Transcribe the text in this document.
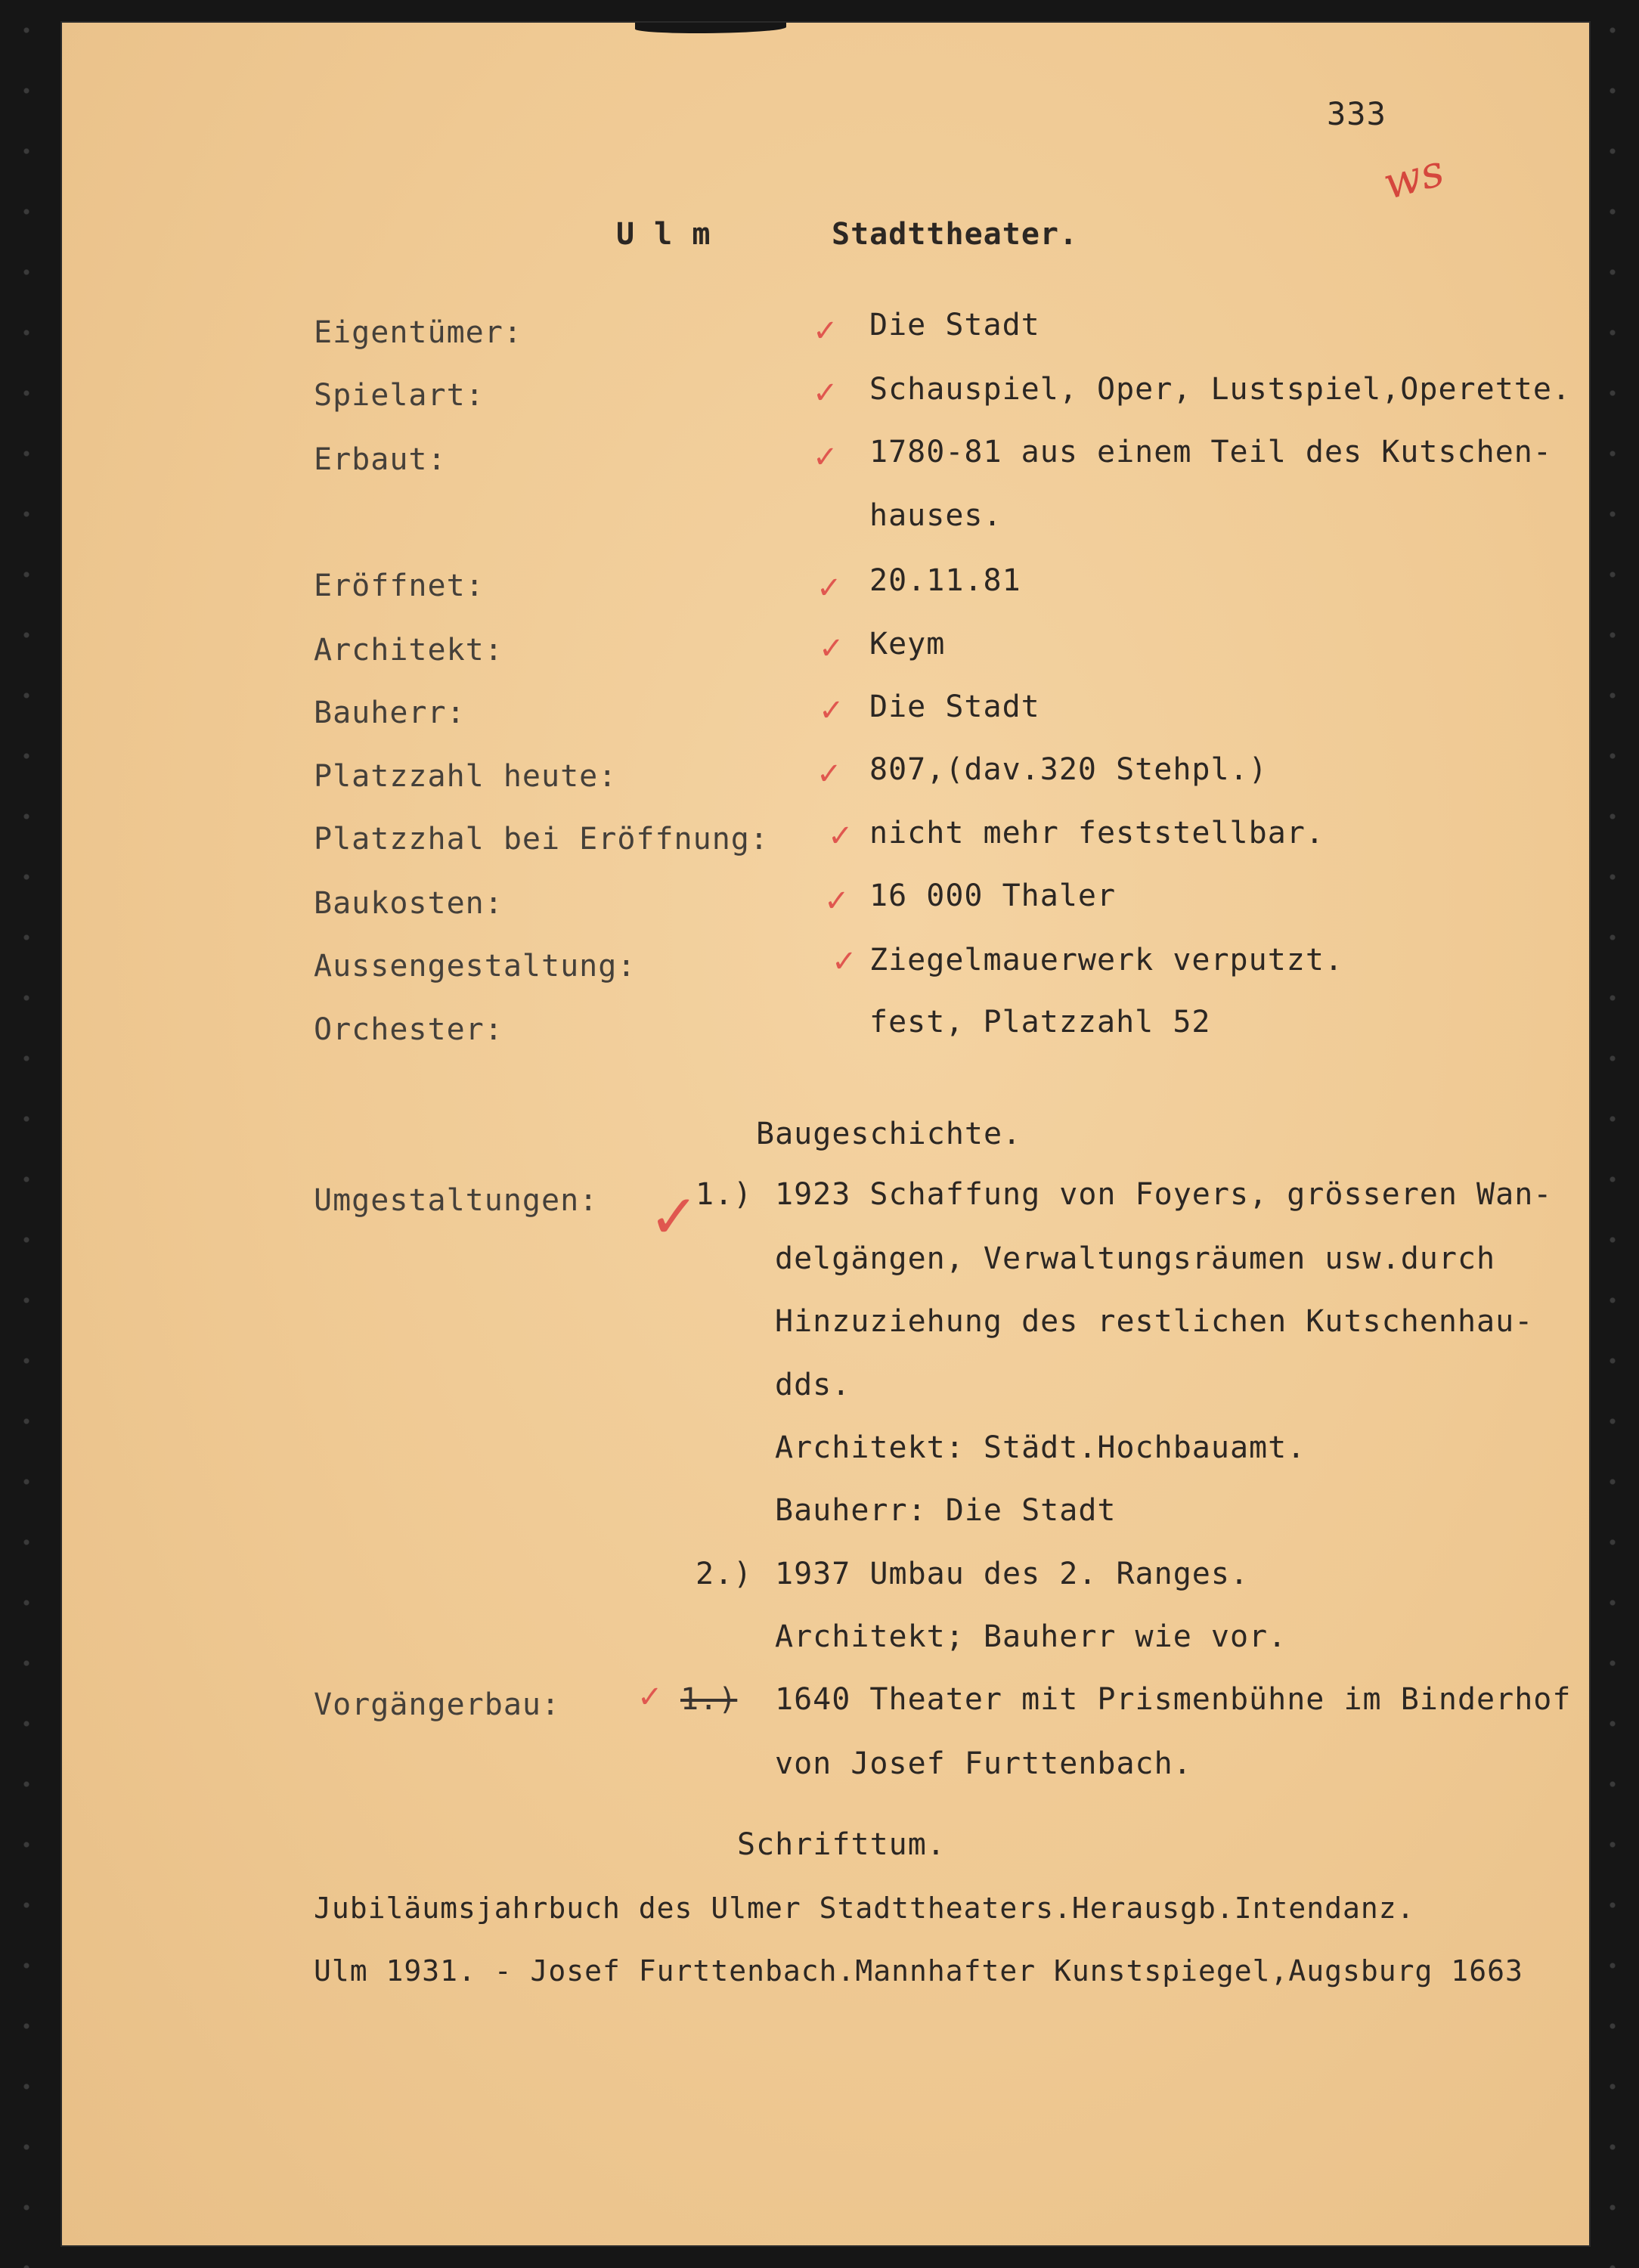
333
ws
U l m	Stadttheater.
Eigentümer:	✓ Die Stadt
Spielart:	✓ Schauspiel, Oper, Lustspiel,Operette.
Erbaut:	✓ 1780-81 aus einem Teil des Kutschen-
hauses.
Eröffnet:	✓ 20.11.81
Architekt:	✓ Keym
Bauherr:	✓ Die Stadt
Platzzahl heute:	✓ 807,(dav.320 Stehpl.)
Platzzhal bei Eröffnung: ✓ nicht mehr feststellbar.
Baukosten:	✓ 16 000 Thaler
Aussengestaltung:	✓ Ziegelmauerwerk verputzt.
Orchester:	fest, Platzzahl 52
Baugeschichte.
Umgestaltungen: ✓
1.) 1923 Schaffung von Foyers, grösseren Wan-
delgängen, Verwaltungsräumen usw.durch
Hinzuziehung des restlichen Kutschenhau-
dds.
Architekt: Städt.Hochbauamt.
Bauherr: Die Stadt
2.) 1937 Umbau des 2. Ranges.
Architekt; Bauherr wie vor.
Vorgängerbau:	✓ 1.) 1640 Theater mit Prismenbühne im Binderhof
von Josef Furttenbach.
Schrifttum.
Jubiläumsjahrbuch des Ulmer Stadttheaters.Herausgb.Intendanz.
Ulm 1931. - Josef Furttenbach.Mannhafter Kunstspiegel,Augsburg 1663
